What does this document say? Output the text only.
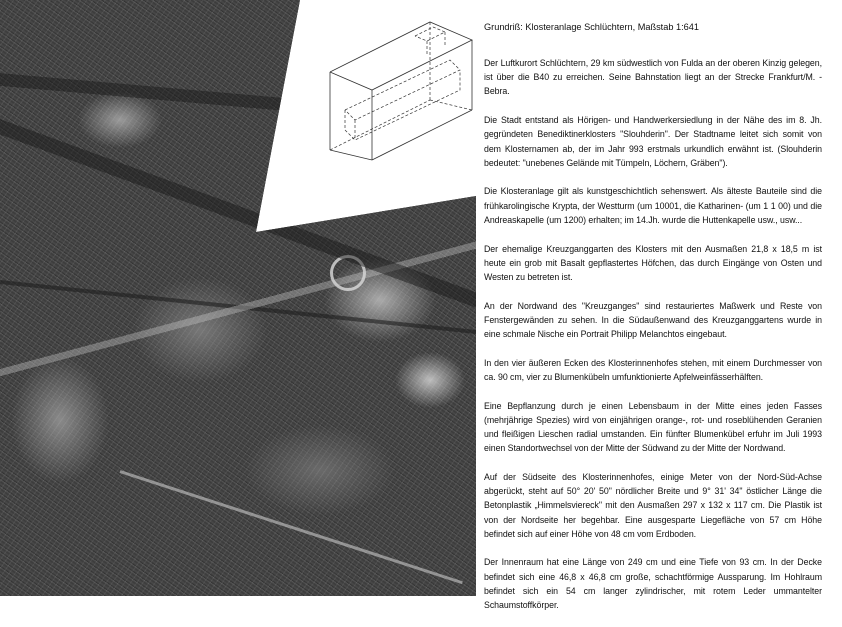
Grundriß: Klosteranlage Schlüchtern, Maßstab 1:641

Der Luftkurort Schlüchtern, 29 km südwestlich von Fulda an der oberen Kinzig gelegen, ist über die B40 zu erreichen. Seine Bahnstation liegt an der Strecke Frankfurt/M. - Bebra.

Die Stadt entstand als Hörigen- und Handwerkersiedlung in der Nähe des im 8. Jh. gegründeten Benediktinerklosters "Slouhderin". Der Stadtname leitet sich somit von dem Klosternamen ab, der im Jahr 993 erstmals urkundlich erwähnt ist. (Slouhderin bedeutet: "unebenes Gelände mit Tümpeln, Löchern, Gräben").

Die Klosteranlage gilt als kunstgeschichtlich sehenswert. Als älteste Bauteile sind die frühkarolingische Krypta, der Westturm (um 10001, die Katharinen- (um 1 1 00) und die Andreaskapelle (um 1200) erhalten; im 14.Jh. wurde die Huttenkapelle usw., usw...

Der ehemalige Kreuzganggarten des Klosters mit den Ausmaßen 21,8 x 18,5 m ist heute ein grob mit Basalt gepflastertes Höfchen, das durch Eingänge von Osten und Westen zu betreten ist.

An der Nordwand des "Kreuzganges" sind restauriertes Maßwerk und Reste von Fenstergewänden zu sehen. In die Südaußenwand des Kreuzganggartens wurde in eine schmale Nische ein Portrait Philipp Melanchtos eingebaut.

In den vier äußeren Ecken des Klosterinnenhofes stehen, mit einem Durchmesser von ca. 90 cm, vier zu Blumenkübeln umfunktionierte Apfelweinfässerhälften.

Eine Bepflanzung durch je einen Lebensbaum in der Mitte eines jeden Fasses (mehrjährige Spezies) wird von einjährigen orange-, rot- und roseblühenden Geranien und fleißigen Lieschen radial umstanden. Ein fünfter Blumenkübel erfuhr im Juli 1993 einen Standortwechsel von der Mitte der Südwand zu der Mitte der Nordwand.

Auf der Südseite des Klosterinnenhofes, einige Meter von der Nord-Süd-Achse abgerückt, steht auf 50° 20' 50" nördlicher Breite und 9° 31' 34" östlicher Länge die Betonplastik „Himmelsviereck" mit den Ausmaßen 297 x 132 x 117 cm. Die Plastik ist von der Nordseite her begehbar. Eine ausgesparte Liegefläche von 57 cm Höhe befindet sich auf einer Höhe von 48 cm vom Erdboden.

Der Innenraum hat eine Länge von 249 cm und eine Tiefe von 93 cm. In der Decke befindet sich eine 46,8 x 46,8 cm große, schachtförmige Aussparung. Im Hohlraum befindet sich ein 54 cm langer zylindrischer, mit rotem Leder ummantelter Schaumstoffkörper.
